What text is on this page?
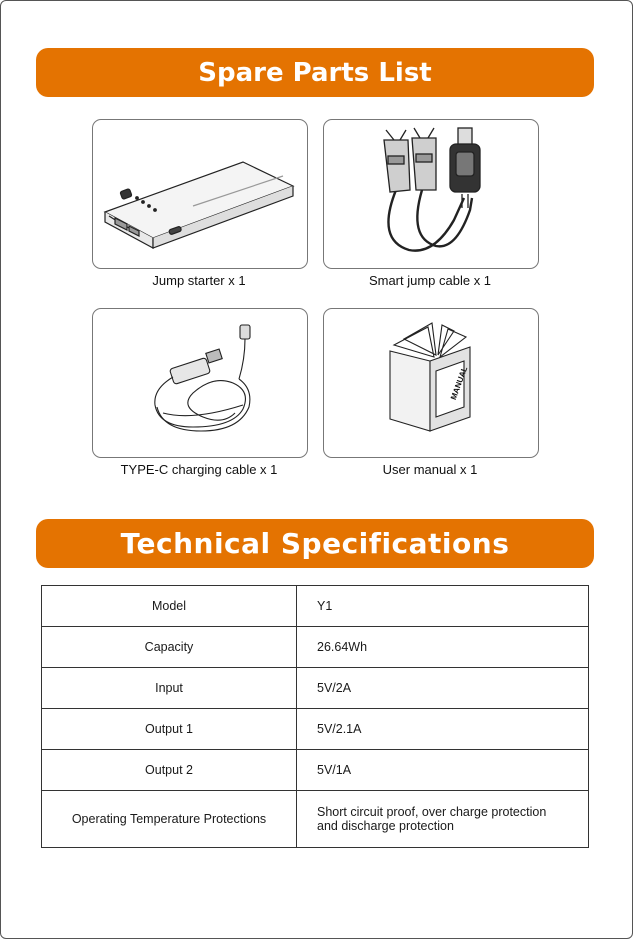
Spare Parts List
Jump starter x 1	Smart jump cable x 1
TYPE-C charging cable x 1
MANUAL
User manual x 1
Technical Specifications
Model	Y1
Capacity	26.64Wh
Input	5V/2A
Output 1	5V/2.1A
Output 2	5V/1A
Operating Temperature Protections	Short circuit proof, over charge protection
and discharge protection
